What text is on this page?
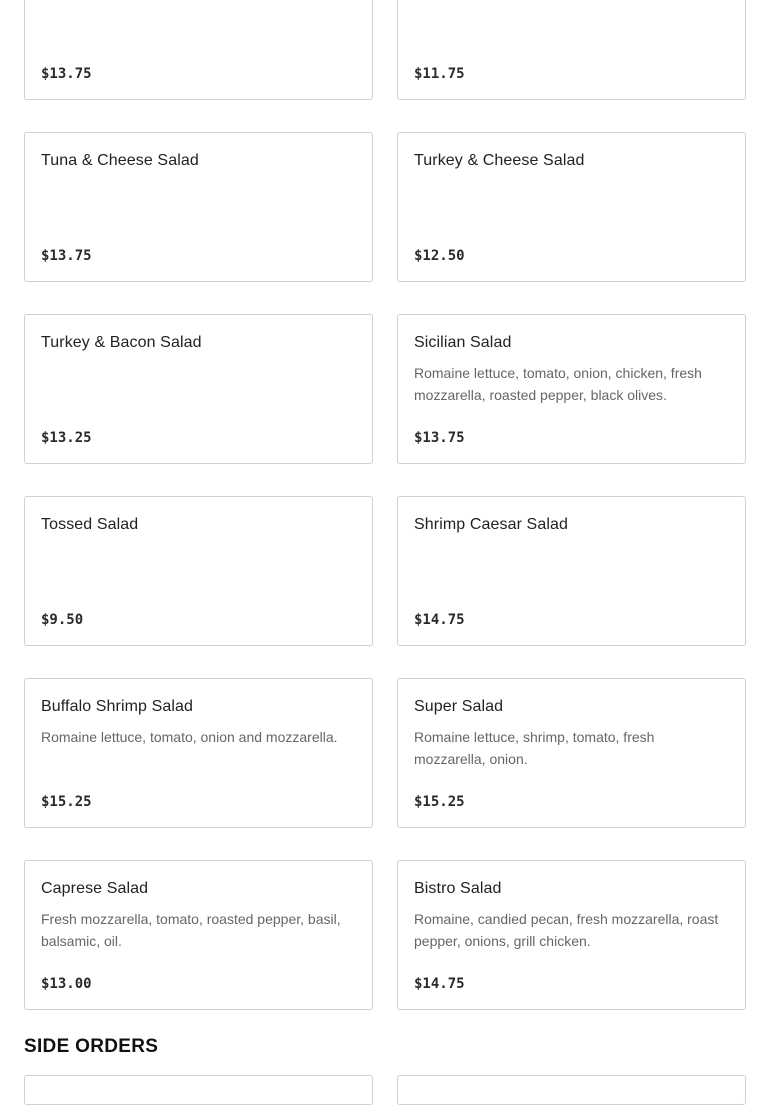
$13.75	$11.75
Tuna & Cheese Salad
$13.75
Turkey & Cheese Salad
$12.50
Turkey & Bacon Salad
$13.25
Sicilian Salad
Romaine lettuce, tomato, onion, chicken, fresh mozzarella, roasted pepper, black olives.
$13.75
Tossed Salad
$9.50
Shrimp Caesar Salad
$14.75
Buffalo Shrimp Salad
Romaine lettuce, tomato, onion and mozzarella.
$15.25
Super Salad
Romaine lettuce, shrimp, tomato, fresh mozzarella, onion.
$15.25
Caprese Salad
Fresh mozzarella, tomato, roasted pepper, basil, balsamic, oil.
$13.00
Bistro Salad
Romaine, candied pecan, fresh mozzarella, roast pepper, onions, grill chicken.
$14.75
SIDE ORDERS
